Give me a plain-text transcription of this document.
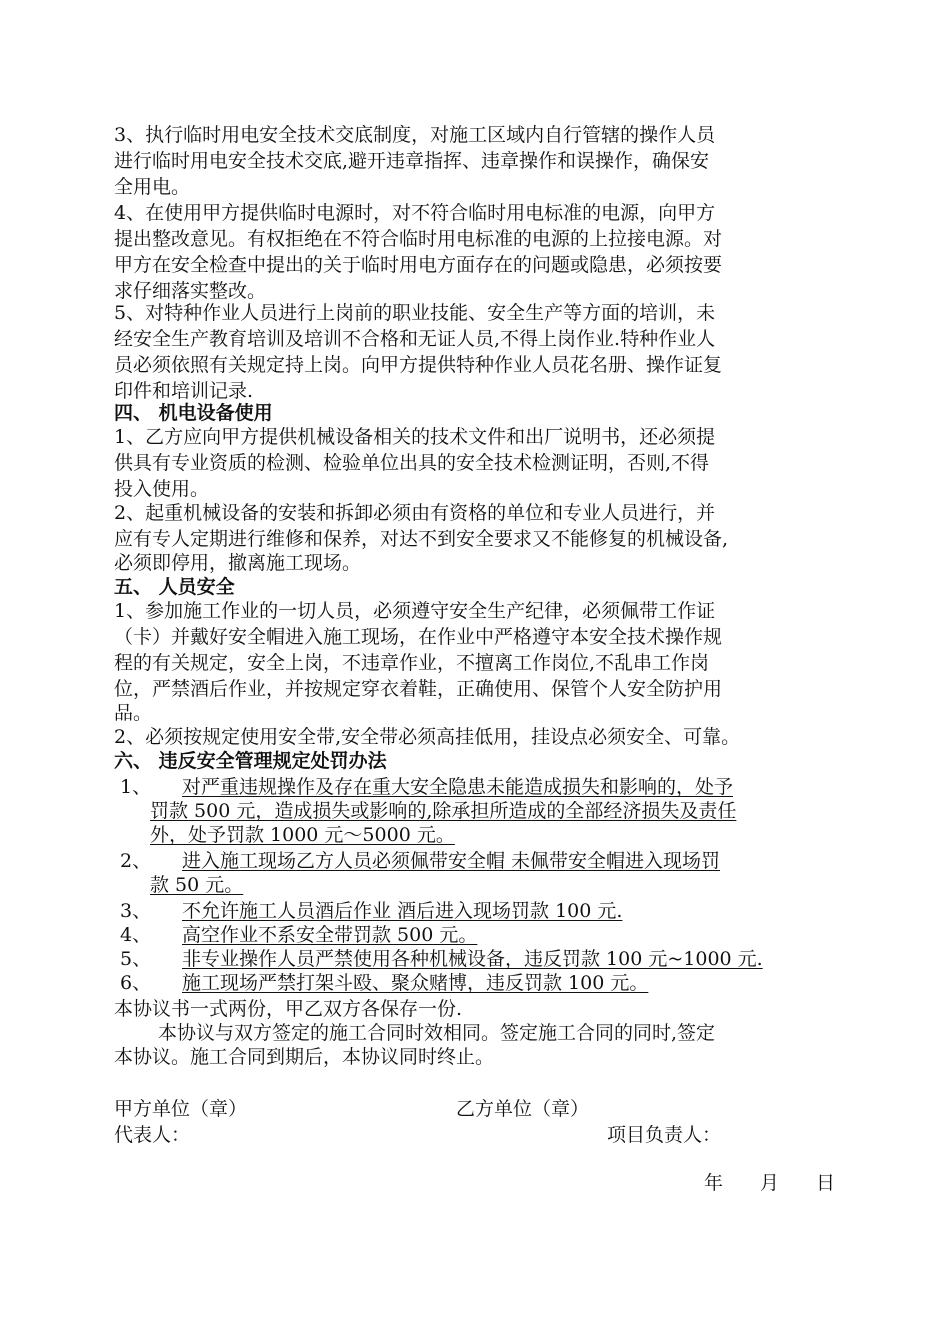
3、执行临时用电安全技术交底制度，对施工区域内自行管辖的操作人员
进行临时用电安全技术交底,避开违章指挥、违章操作和误操作，确保安
全用电。
4、在使用甲方提供临时电源时，对不符合临时用电标准的电源，向甲方
提出整改意见。有权拒绝在不符合临时用电标准的电源的上拉接电源。对
甲方在安全检查中提出的关于临时用电方面存在的问题或隐患，必须按要
求仔细落实整改。
5、对特种作业人员进行上岗前的职业技能、安全生产等方面的培训，未
经安全生产教育培训及培训不合格和无证人员,不得上岗作业.特种作业人
员必须依照有关规定持上岗。向甲方提供特种作业人员花名册、操作证复
印件和培训记录.
四、 机电设备使用
1、乙方应向甲方提供机械设备相关的技术文件和出厂说明书，还必须提
供具有专业资质的检测、检验单位出具的安全技术检测证明，否则,不得
投入使用。
2、起重机械设备的安装和拆卸必须由有资格的单位和专业人员进行，并
应有专人定期进行维修和保养，对达不到安全要求又不能修复的机械设备,
必须即停用，撤离施工现场。
五、 人员安全
1、参加施工作业的一切人员，必须遵守安全生产纪律，必须佩带工作证
（卡）并戴好安全帽进入施工现场，在作业中严格遵守本安全技术操作规
程的有关规定，安全上岗，不违章作业，不擅离工作岗位,不乱串工作岗
位，严禁酒后作业，并按规定穿衣着鞋，正确使用、保管个人安全防护用
品。
2、必须按规定使用安全带,安全带必须高挂低用，挂设点必须安全、可靠。
六、 违反安全管理规定处罚办法
1、 对严重违规操作及存在重大安全隐患未能造成损失和影响的，处予
罚款 500 元，造成损失或影响的,除承担所造成的全部经济损失及责任
外，处予罚款 1000 元～5000 元。
2、 进入施工现场乙方人员必须佩带安全帽 未佩带安全帽进入现场罚
款 50 元。
3、 不允许施工人员酒后作业 酒后进入现场罚款 100 元.
4、 高空作业不系安全带罚款 500 元。
5、 非专业操作人员严禁使用各种机械设备，违反罚款 100 元~1000 元.
6、 施工现场严禁打架斗殴、聚众赌博，违反罚款 100 元。
本协议书一式两份，甲乙双方各保存一份.
本协议与双方签定的施工合同时效相同。签定施工合同的同时,签定
本协议。施工合同到期后，本协议同时终止。
甲方单位（章）	乙方单位（章）
代表人：	项目负责人：
年 月 日
